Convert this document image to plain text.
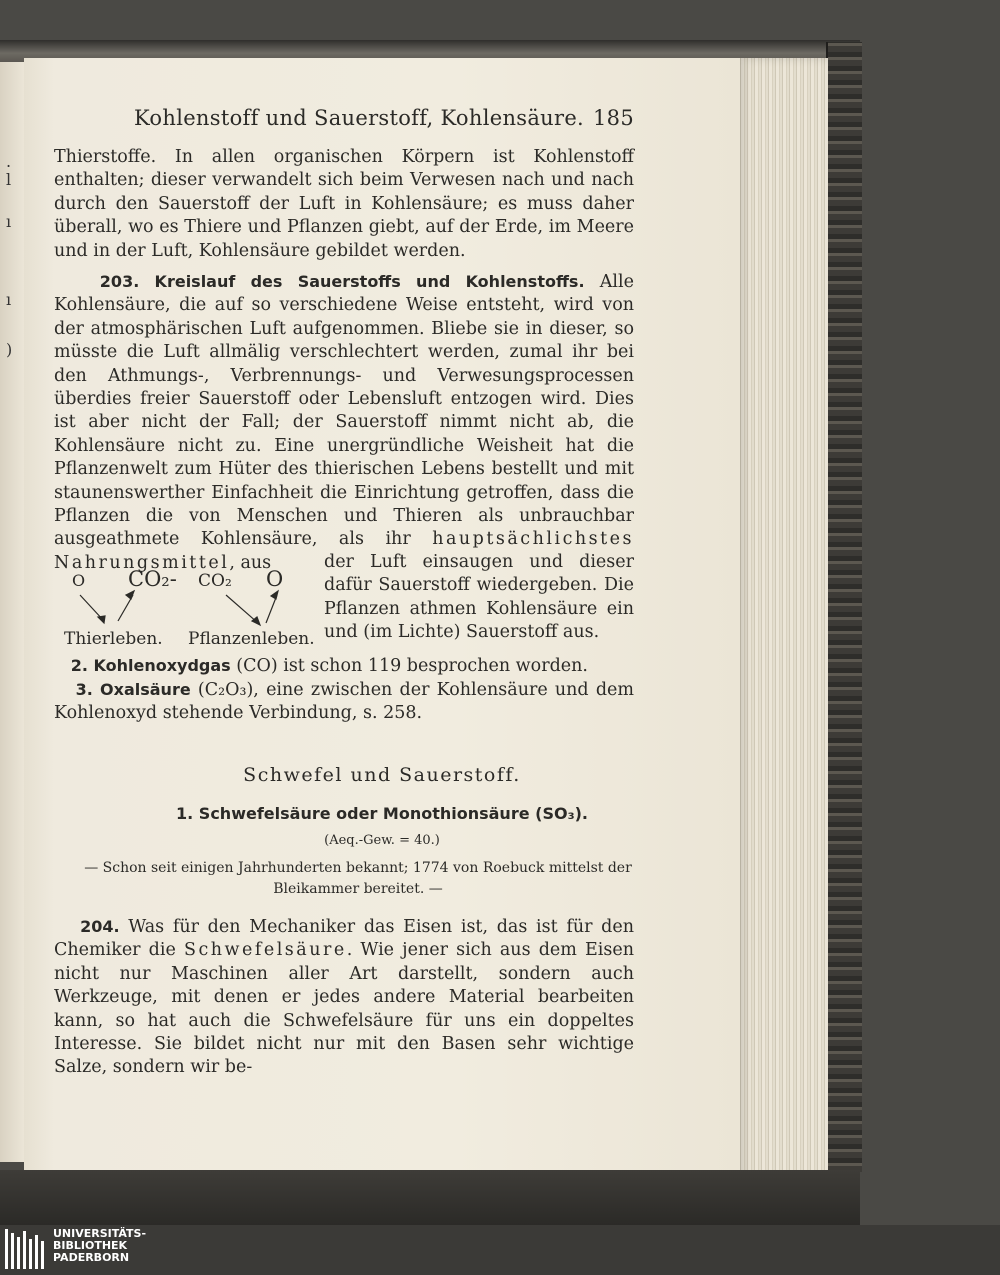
.
l
ı
ı
)
Kohlenstoff und Sauerstoff, Kohlensäure. 185

Thierstoffe. In allen organischen Körpern ist Kohlenstoff enthalten; dieser verwandelt sich beim Verwesen nach und nach durch den Sauerstoff der Luft in Kohlensäure; es muss daher überall, wo es Thiere und Pflanzen giebt, auf der Erde, im Meere und in der Luft, Kohlensäure gebildet werden.

203. Kreislauf des Sauerstoffs und Kohlenstoffs. Alle Kohlensäure, die auf so verschiedene Weise entsteht, wird von der atmosphärischen Luft aufgenommen. Bliebe sie in dieser, so müsste die Luft allmälig verschlechtert werden, zumal ihr bei den Athmungs-, Verbrennungs- und Verwesungsprocessen überdies freier Sauerstoff oder Lebensluft entzogen wird. Dies ist aber nicht der Fall; der Sauerstoff nimmt nicht ab, die Kohlensäure nicht zu. Eine unergründliche Weisheit hat die Pflanzenwelt zum Hüter des thierischen Lebens bestellt und mit staunenswerther Einfachheit die Einrichtung getroffen, dass die Pflanzen die von Menschen und Thieren als unbrauchbar ausgeathmete Kohlensäure, als ihr hauptsächlichstes Nahrungsmittel, aus

O CO₂- CO₂ O
Thierleben. Pflanzenleben.

der Luft einsaugen und dieser dafür Sauerstoff wiedergeben. Die Pflanzen athmen Kohlensäure ein und (im Lichte) Sauerstoff aus.

2. Kohlenoxydgas (CO) ist schon 119 besprochen worden.

3. Oxalsäure (C₂O₃), eine zwischen der Kohlensäure und dem Kohlenoxyd stehende Verbindung, s. 258.

Schwefel und Sauerstoff.
1. Schwefelsäure oder Monothionsäure (SO₃).
(Aeq.-Gew. = 40.)
— Schon seit einigen Jahrhunderten bekannt; 1774 von Roebuck mittelst der Bleikammer bereitet. —

204. Was für den Mechaniker das Eisen ist, das ist für den Chemiker die Schwefelsäure. Wie jener sich aus dem Eisen nicht nur Maschinen aller Art darstellt, sondern auch Werkzeuge, mit denen er jedes andere Material bearbeiten kann, so hat auch die Schwefelsäure für uns ein doppeltes Interesse. Sie bildet nicht nur mit den Basen sehr wichtige Salze, sondern wir be-

UNIVERSITÄTS-
BIBLIOTHEK
PADERBORN
